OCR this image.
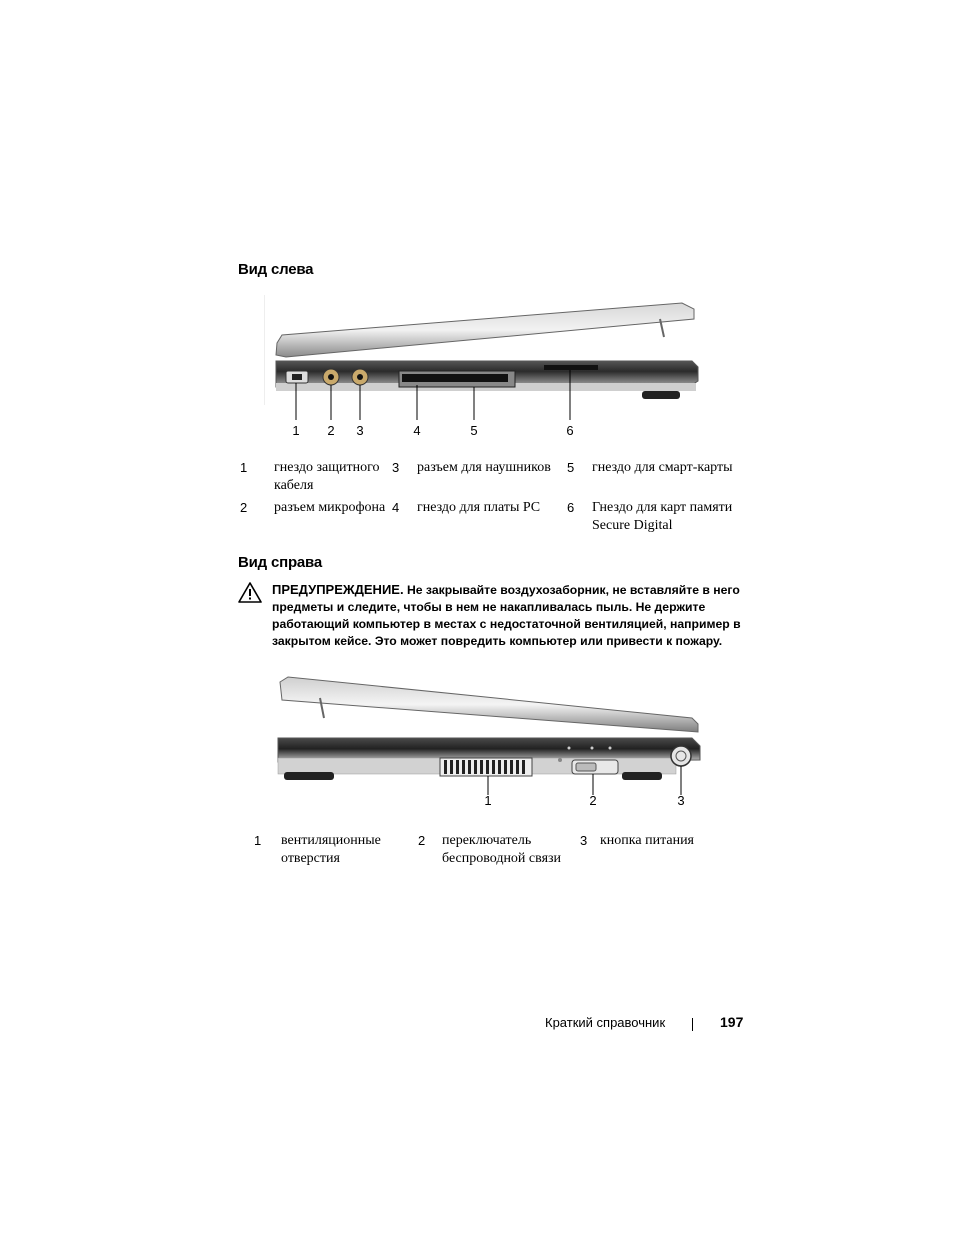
Вид слева
1	2	3	4	5	6
1	гнездо защитного кабеля	3	разъем для наушников	5	гнездо для смарт-карты

2	разъем микрофона	4	гнездо для платы PC	6	Гнездо для карт памяти Secure Digital
Вид справа
ПРЕДУПРЕЖДЕНИЕ. Не закрывайте воздухозаборник, не вставляйте в него предметы и следите, чтобы в нем не накапливалась пыль. Не держите работающий компьютер в местах с недостаточной вентиляцией, например в закрытом кейсе. Это может повредить компьютер или привести к пожару.
1	2	3
1	вентиляционные отверстия	2	переключатель беспроводной связи	3	кнопка питания
Краткий справочник	197
